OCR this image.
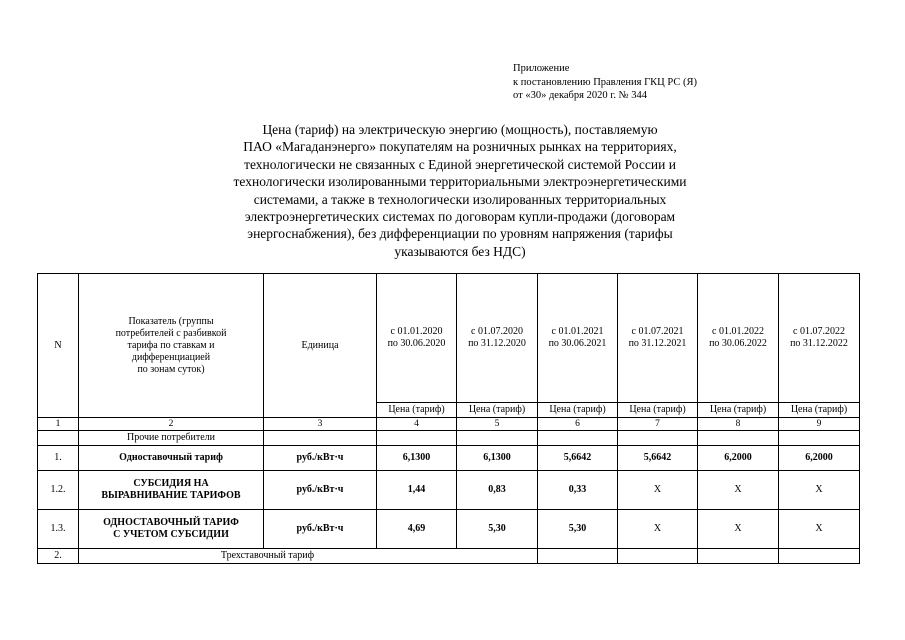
Приложение
к постановлению Правления ГКЦ РС (Я)
от «30» декабря 2020 г. № 344
Цена (тариф) на электрическую энергию (мощность), поставляемую
ПАО «Магаданэнерго» покупателям на розничных рынках на территориях,
технологически не связанных с Единой энергетической системой России и
технологически изолированными территориальными электроэнергетическими
системами, а также в технологически изолированных территориальных
электроэнергетических системах по договорам купли-продажи (договорам
энергоснабжения), без дифференциации по уровням напряжения (тарифы
указываются без НДС)
N	Показатель (группы
потребителей с разбивкой
тарифа по ставкам и
дифференциацией
по зонам суток)	Единица	с 01.01.2020
по 30.06.2020	с 01.07.2020
по 31.12.2020	с 01.01.2021
по 30.06.2021	с 01.07.2021
по 31.12.2021	с 01.01.2022
по 30.06.2022	с 01.07.2022
по 31.12.2022

			Цена (тариф)	Цена (тариф)	Цена (тариф)	Цена (тариф)	Цена (тариф)	Цена (тариф)
1	2	3	4	5	6	7	8	9
	Прочие потребители							
1.	Одноставочный тариф	руб./кВт·ч	6,1300	6,1300	5,6642	5,6642	6,2000	6,2000
1.2.	СУБСИДИЯ НА
ВЫРАВНИВАНИЕ ТАРИФОВ	руб./кВт·ч	1,44	0,83	0,33	X	X	X
1.3.	ОДНОСТАВОЧНЫЙ ТАРИФ
С УЧЕТОМ СУБСИДИИ	руб./кВт·ч	4,69	5,30	5,30	X	X	X
2.	Трехставочный тариф							
